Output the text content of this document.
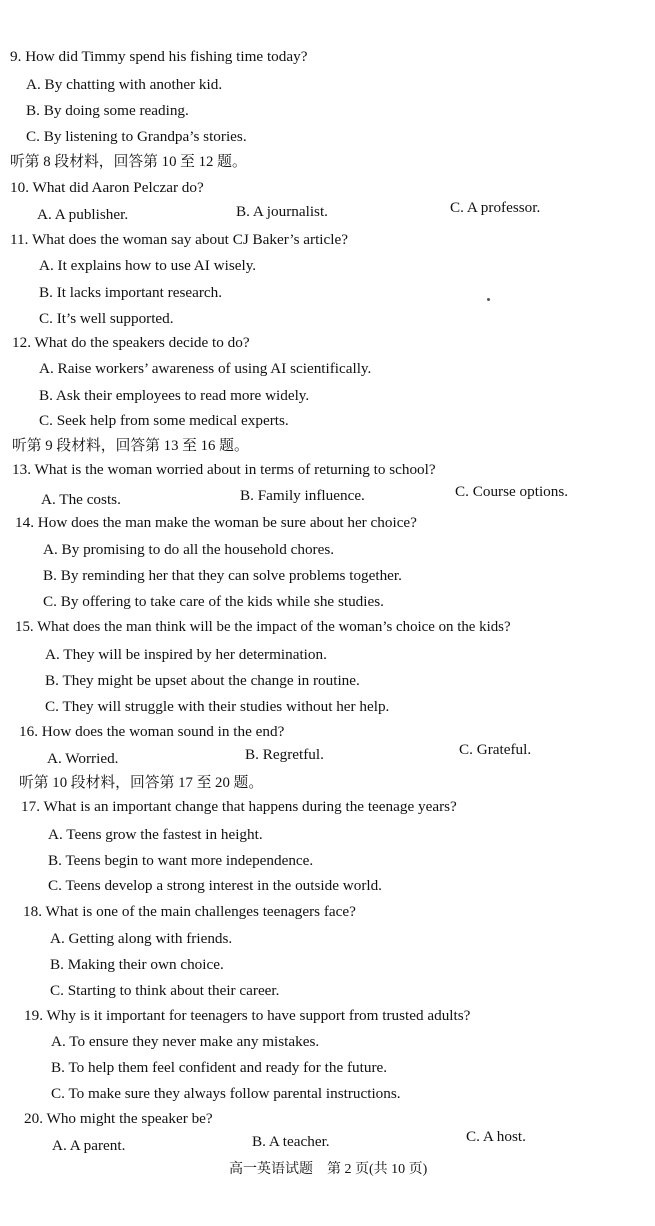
9. How did Timmy spend his fishing time today?
A. By chatting with another kid.
B. By doing some reading.
C. By listening to Grandpa’s stories.
听第 8 段材料，回答第 10 至 12 题。
10. What did Aaron Pelczar do?
A. A publisher.	B. A journalist.	C. A professor.
11. What does the woman say about CJ Baker’s article?
A. It explains how to use AI wisely.
B. It lacks important research.
C. It’s well supported.
12. What do the speakers decide to do?
A. Raise workers’ awareness of using AI scientifically.
B. Ask their employees to read more widely.
C. Seek help from some medical experts.
听第 9 段材料，回答第 13 至 16 题。
13. What is the woman worried about in terms of returning to school?
A. The costs.	B. Family influence.	C. Course options.
14. How does the man make the woman be sure about her choice?
A. By promising to do all the household chores.
B. By reminding her that they can solve problems together.
C. By offering to take care of the kids while she studies.
15. What does the man think will be the impact of the woman’s choice on the kids?
A. They will be inspired by her determination.
B. They might be upset about the change in routine.
C. They will struggle with their studies without her help.
16. How does the woman sound in the end?
A. Worried.	B. Regretful.	C. Grateful.
听第 10 段材料，回答第 17 至 20 题。
17. What is an important change that happens during the teenage years?
A. Teens grow the fastest in height.
B. Teens begin to want more independence.
C. Teens develop a strong interest in the outside world.
18. What is one of the main challenges teenagers face?
A. Getting along with friends.
B. Making their own choice.
C. Starting to think about their career.
19. Why is it important for teenagers to have support from trusted adults?
A. To ensure they never make any mistakes.
B. To help them feel confident and ready for the future.
C. To make sure they always follow parental instructions.
20. Who might the speaker be?
A. A parent.	B. A teacher.	C. A host.
高一英语试题　第 2 页(共 10 页)
